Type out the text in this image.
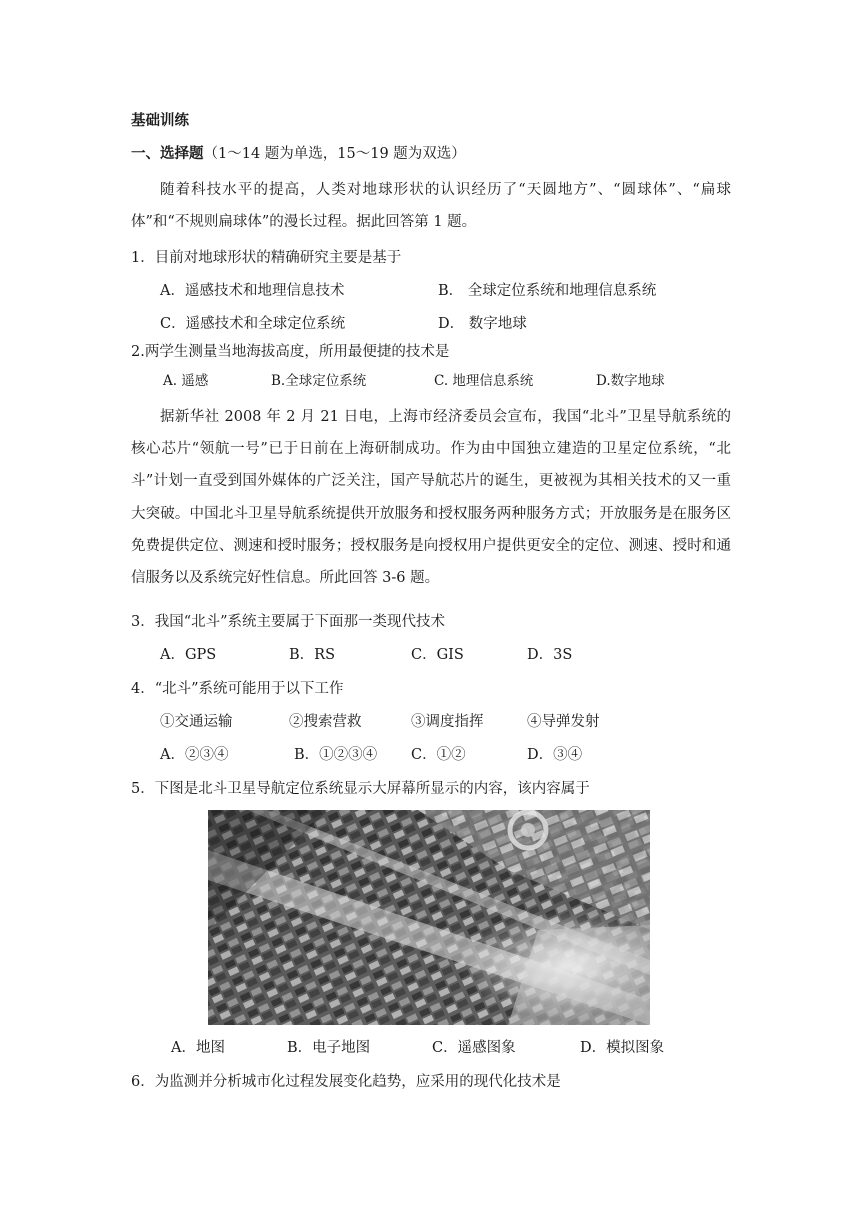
基础训练
一、选择题（1～14 题为单选，15～19 题为双选）
随着科技水平的提高，人类对地球形状的认识经历了“天圆地方”、“圆球体”、“扁球体”和“不规则扁球体”的漫长过程。据此回答第 1 题。
1．目前对地球形状的精确研究主要是基于
A．遥感技术和地理信息技术	B． 全球定位系统和地理信息系统
C．遥感技术和全球定位系统	D． 数字地球
2.两学生测量当地海拔高度，所用最便捷的技术是
A. 遥感	B.全球定位系统	C. 地理信息系统	D.数字地球
据新华社 2008 年 2 月 21 日电，上海市经济委员会宣布，我国“北斗”卫星导航系统的核心芯片“领航一号”已于日前在上海研制成功。作为由中国独立建造的卫星定位系统，“北斗”计划一直受到国外媒体的广泛关注，国产导航芯片的诞生，更被视为其相关技术的又一重大突破。中国北斗卫星导航系统提供开放服务和授权服务两种服务方式；开放服务是在服务区免费提供定位、测速和授时服务；授权服务是向授权用户提供更安全的定位、测速、授时和通信服务以及系统完好性信息。所此回答 3-6 题。
3．我国“北斗”系统主要属于下面那一类现代技术
A．GPS	B．RS	C．GIS	D．3S
4．“北斗”系统可能用于以下工作
①交通运输	②搜索营救	③调度指挥	④导弹发射
A．②③④	B．①②③④ C．①②	D．③④
5．下图是北斗卫星导航定位系统显示大屏幕所显示的内容，该内容属于
A．地图	B．电子地图	C．遥感图象	D．模拟图象
6．为监测并分析城市化过程发展变化趋势，应采用的现代化技术是
